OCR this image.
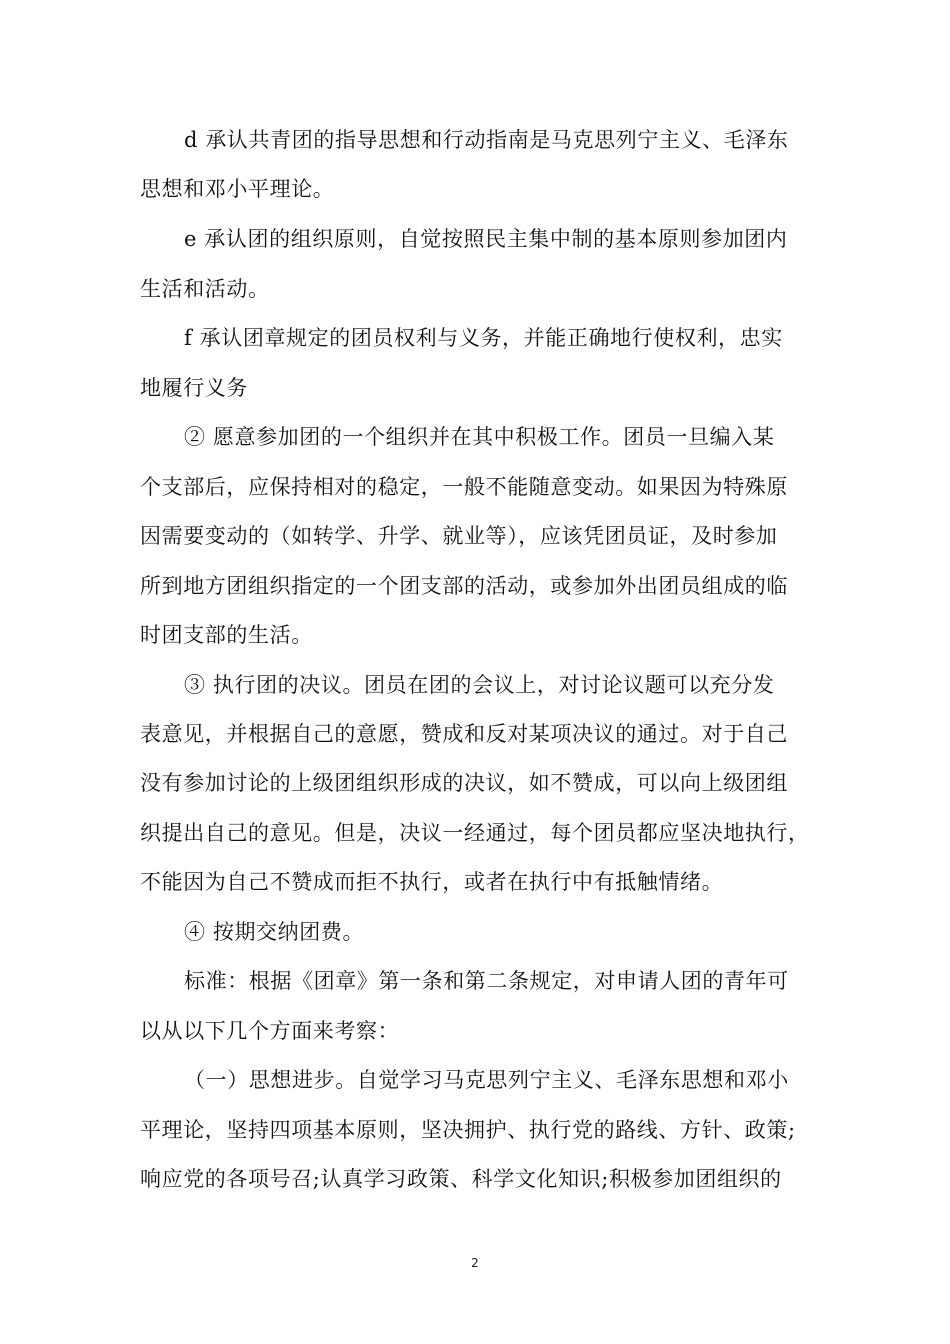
d 承认共青团的指导思想和行动指南是马克思列宁主义、毛泽东
思想和邓小平理论。
e 承认团的组织原则，自觉按照民主集中制的基本原则参加团内
生活和活动。
f 承认团章规定的团员权利与义务，并能正确地行使权利，忠实
地履行义务
② 愿意参加团的一个组织并在其中积极工作。团员一旦编入某
个支部后，应保持相对的稳定，一般不能随意变动。如果因为特殊原
因需要变动的（如转学、升学、就业等），应该凭团员证，及时参加
所到地方团组织指定的一个团支部的活动，或参加外出团员组成的临
时团支部的生活。
③ 执行团的决议。团员在团的会议上，对讨论议题可以充分发
表意见，并根据自己的意愿，赞成和反对某项决议的通过。对于自己
没有参加讨论的上级团组织形成的决议，如不赞成，可以向上级团组
织提出自己的意见。但是，决议一经通过，每个团员都应坚决地执行，
不能因为自己不赞成而拒不执行，或者在执行中有抵触情绪。
④ 按期交纳团费。
标准：根据《团章》第一条和第二条规定，对申请人团的青年可
以从以下几个方面来考察：
（一）思想进步。自觉学习马克思列宁主义、毛泽东思想和邓小
平理论，坚持四项基本原则，坚决拥护、执行党的路线、方针、政策;
响应党的各项号召;认真学习政策、科学文化知识;积极参加团组织的
2
